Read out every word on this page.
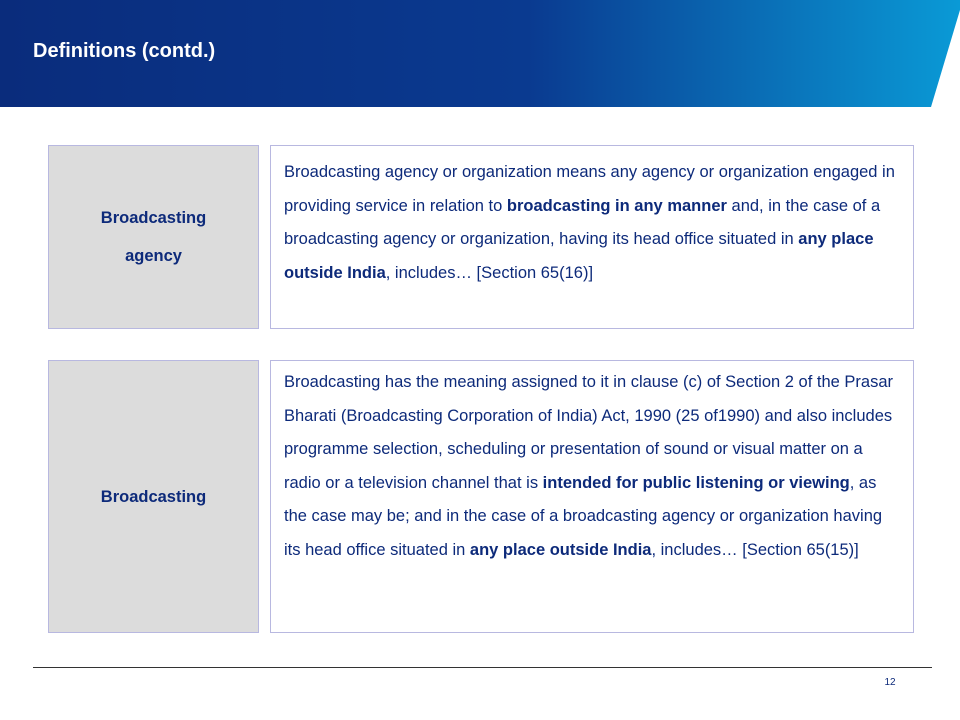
Definitions (contd.)
Broadcasting agency
Broadcasting agency or organization means any agency or organization engaged in providing service in relation to broadcasting in any manner and, in the case of a broadcasting agency or organization, having its head office situated in any place outside India, includes… [Section 65(16)]
Broadcasting
Broadcasting has the meaning assigned to it in clause (c) of Section 2 of the Prasar Bharati (Broadcasting Corporation of India) Act, 1990 (25 of1990) and also includes programme selection, scheduling or presentation of sound or visual matter on a radio or a television channel that is intended for public listening or viewing, as the case may be; and in the case of a broadcasting agency or organization having its head office situated in any place outside India, includes… [Section 65(15)]
12
